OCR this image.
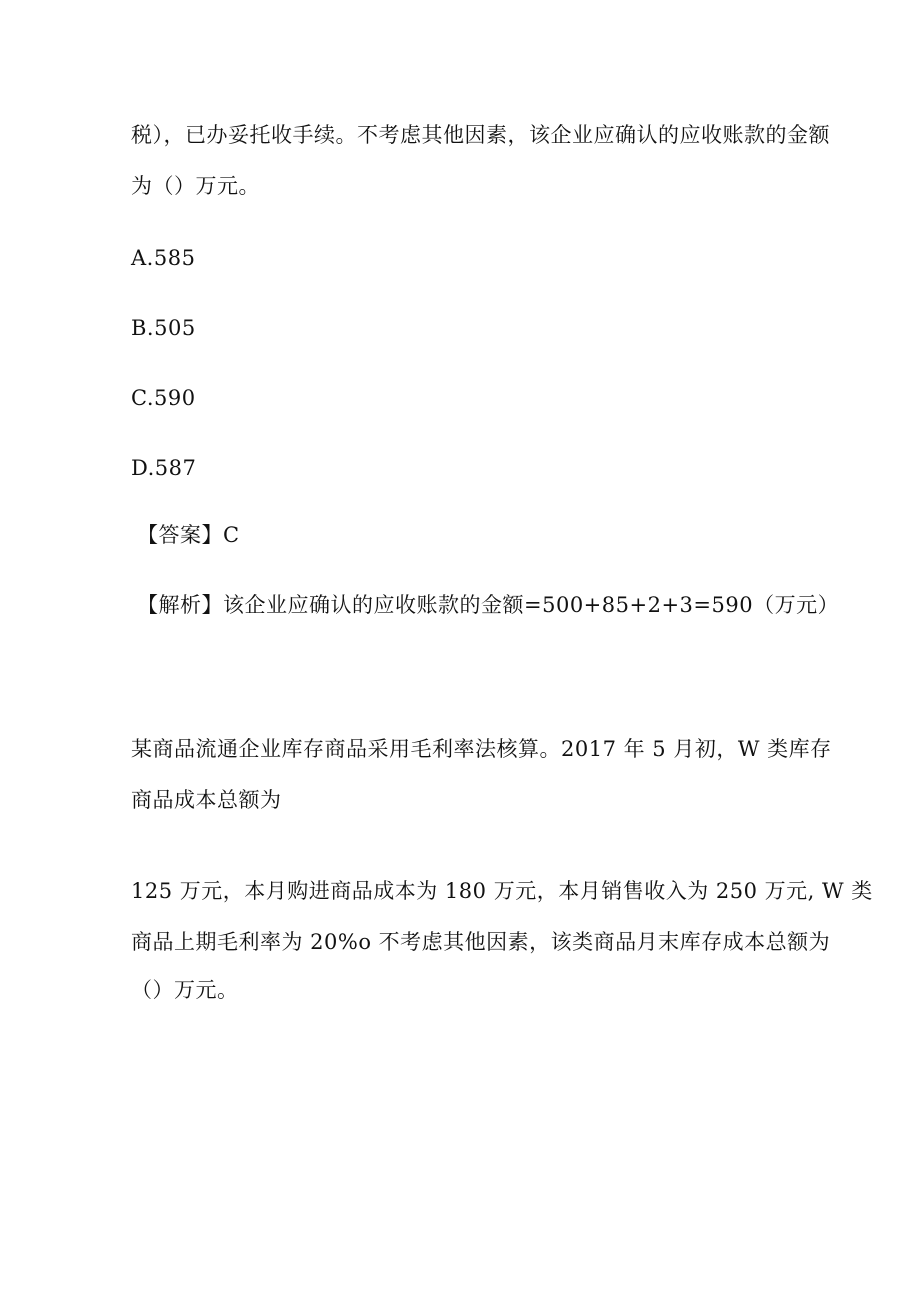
税），已办妥托收手续。不考虑其他因素，该企业应确认的应收账款的金额
为（）万元。
A.585
B.505
C.590
D.587
【答案】C
【解析】该企业应确认的应收账款的金额=500+85+2+3=590（万元）
某商品流通企业库存商品采用毛利率法核算。2017 年 5 月初，W 类库存
商品成本总额为
125 万元，本月购进商品成本为 180 万元，本月销售收入为 250 万元, W 类
商品上期毛利率为 20%o 不考虑其他因素，该类商品月末库存成本总额为
（）万元。
